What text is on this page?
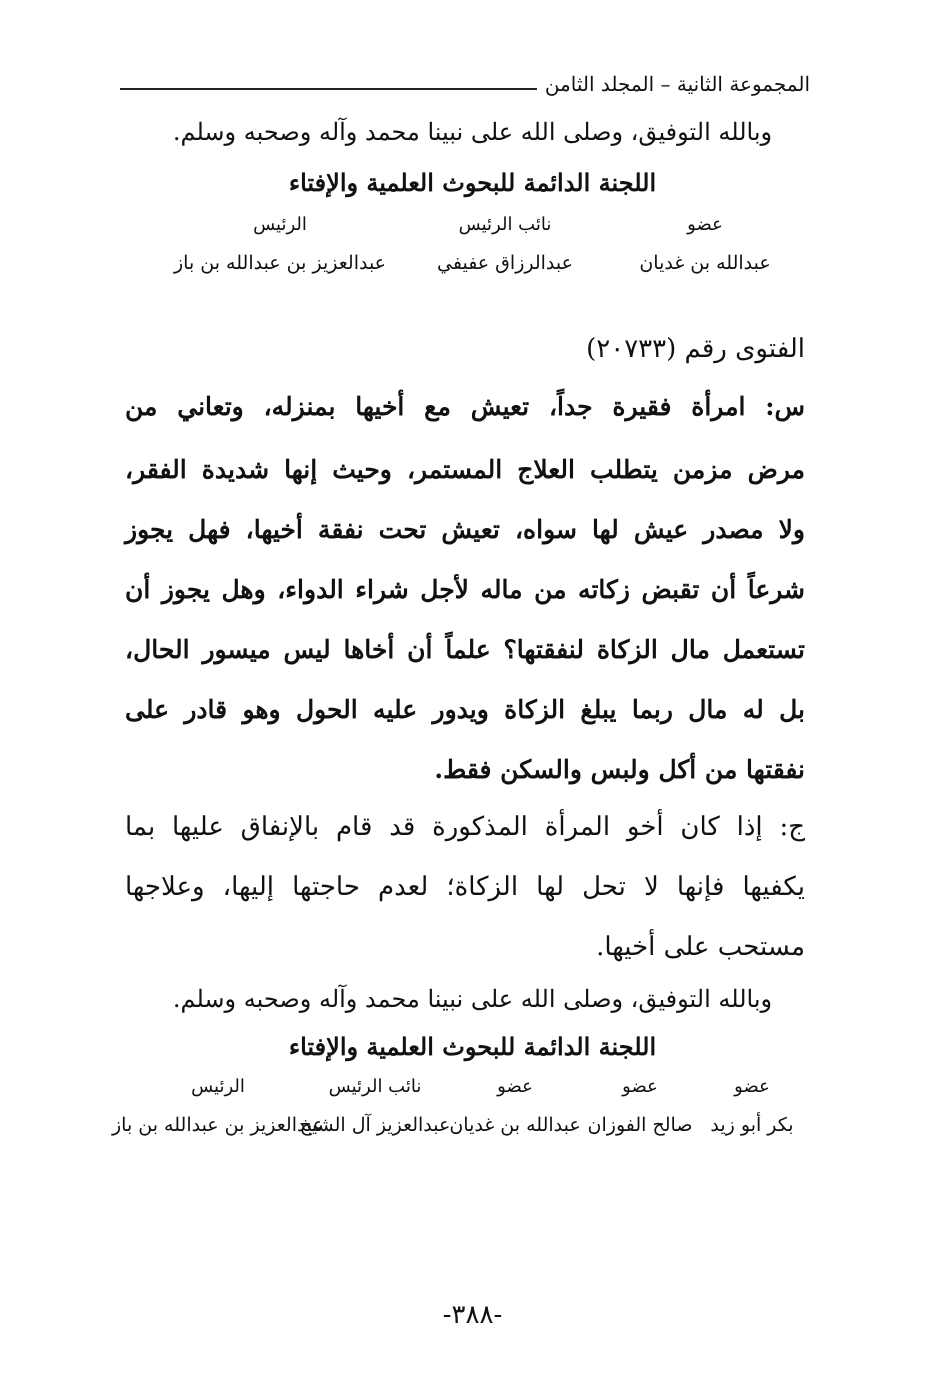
المجموعة الثانية – المجلد الثامن
وبالله التوفيق، وصلى الله على نبينا محمد وآله وصحبه وسلم.
اللجنة الدائمة للبحوث العلمية والإفتاء
عضو
عبدالله بن غديان
نائب الرئيس
عبدالرزاق عفيفي
الرئيس
عبدالعزيز بن عبدالله بن باز
الفتوى رقم (٢٠٧٣٣)
س: امرأة فقيرة جداً، تعيش مع أخيها بمنزله، وتعاني من
مرض مزمن يتطلب العلاج المستمر، وحيث إنها شديدة الفقر،
ولا مصدر عيش لها سواه، تعيش تحت نفقة أخيها، فهل يجوز
شرعاً أن تقبض زكاته من ماله لأجل شراء الدواء، وهل يجوز أن
تستعمل مال الزكاة لنفقتها؟ علماً أن أخاها ليس ميسور الحال،
بل له مال ربما يبلغ الزكاة ويدور عليه الحول وهو قادر على
نفقتها من أكل ولبس والسكن فقط.
ج: إذا كان أخو المرأة المذكورة قد قام بالإنفاق عليها بما
يكفيها فإنها لا تحل لها الزكاة؛ لعدم حاجتها إليها، وعلاجها
مستحب على أخيها.
وبالله التوفيق، وصلى الله على نبينا محمد وآله وصحبه وسلم.
اللجنة الدائمة للبحوث العلمية والإفتاء
عضو
بكر أبو زيد
عضو
صالح الفوزان
عضو
عبدالله بن غديان
نائب الرئيس
عبدالعزيز آل الشيخ
الرئيس
عبدالعزيز بن عبدالله بن باز
-٣٨٨-
